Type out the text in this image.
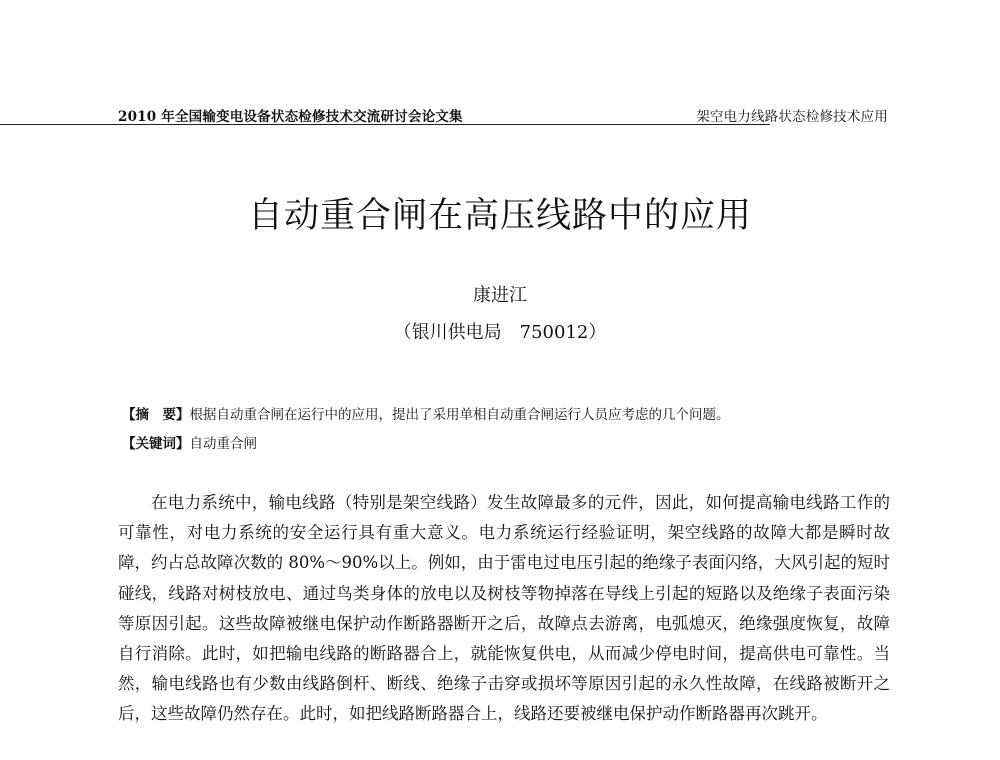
2010 年全国输变电设备状态检修技术交流研讨会论文集	架空电力线路状态检修技术应用
自动重合闸在高压线路中的应用
康进江
（银川供电局　750012）
【摘　要】根据自动重合闸在运行中的应用，提出了采用单相自动重合闸运行人员应考虑的几个问题。
【关键词】自动重合闸

在电力系统中，输电线路（特别是架空线路）发生故障最多的元件，因此，如何提高输电线路工作的可靠性，对电力系统的安全运行具有重大意义。电力系统运行经验证明，架空线路的故障大都是瞬时故障，约占总故障次数的 80%～90%以上。例如，由于雷电过电压引起的绝缘子表面闪络，大风引起的短时碰线，线路对树枝放电、通过鸟类身体的放电以及树枝等物掉落在导线上引起的短路以及绝缘子表面污染等原因引起。这些故障被继电保护动作断路器断开之后，故障点去游离，电弧熄灭，绝缘强度恢复，故障自行消除。此时，如把输电线路的断路器合上，就能恢复供电，从而减少停电时间，提高供电可靠性。当然，输电线路也有少数由线路倒杆、断线、绝缘子击穿或损坏等原因引起的永久性故障，在线路被断开之后，这些故障仍然存在。此时，如把线路断路器合上，线路还要被继电保护动作断路器再次跳开。
